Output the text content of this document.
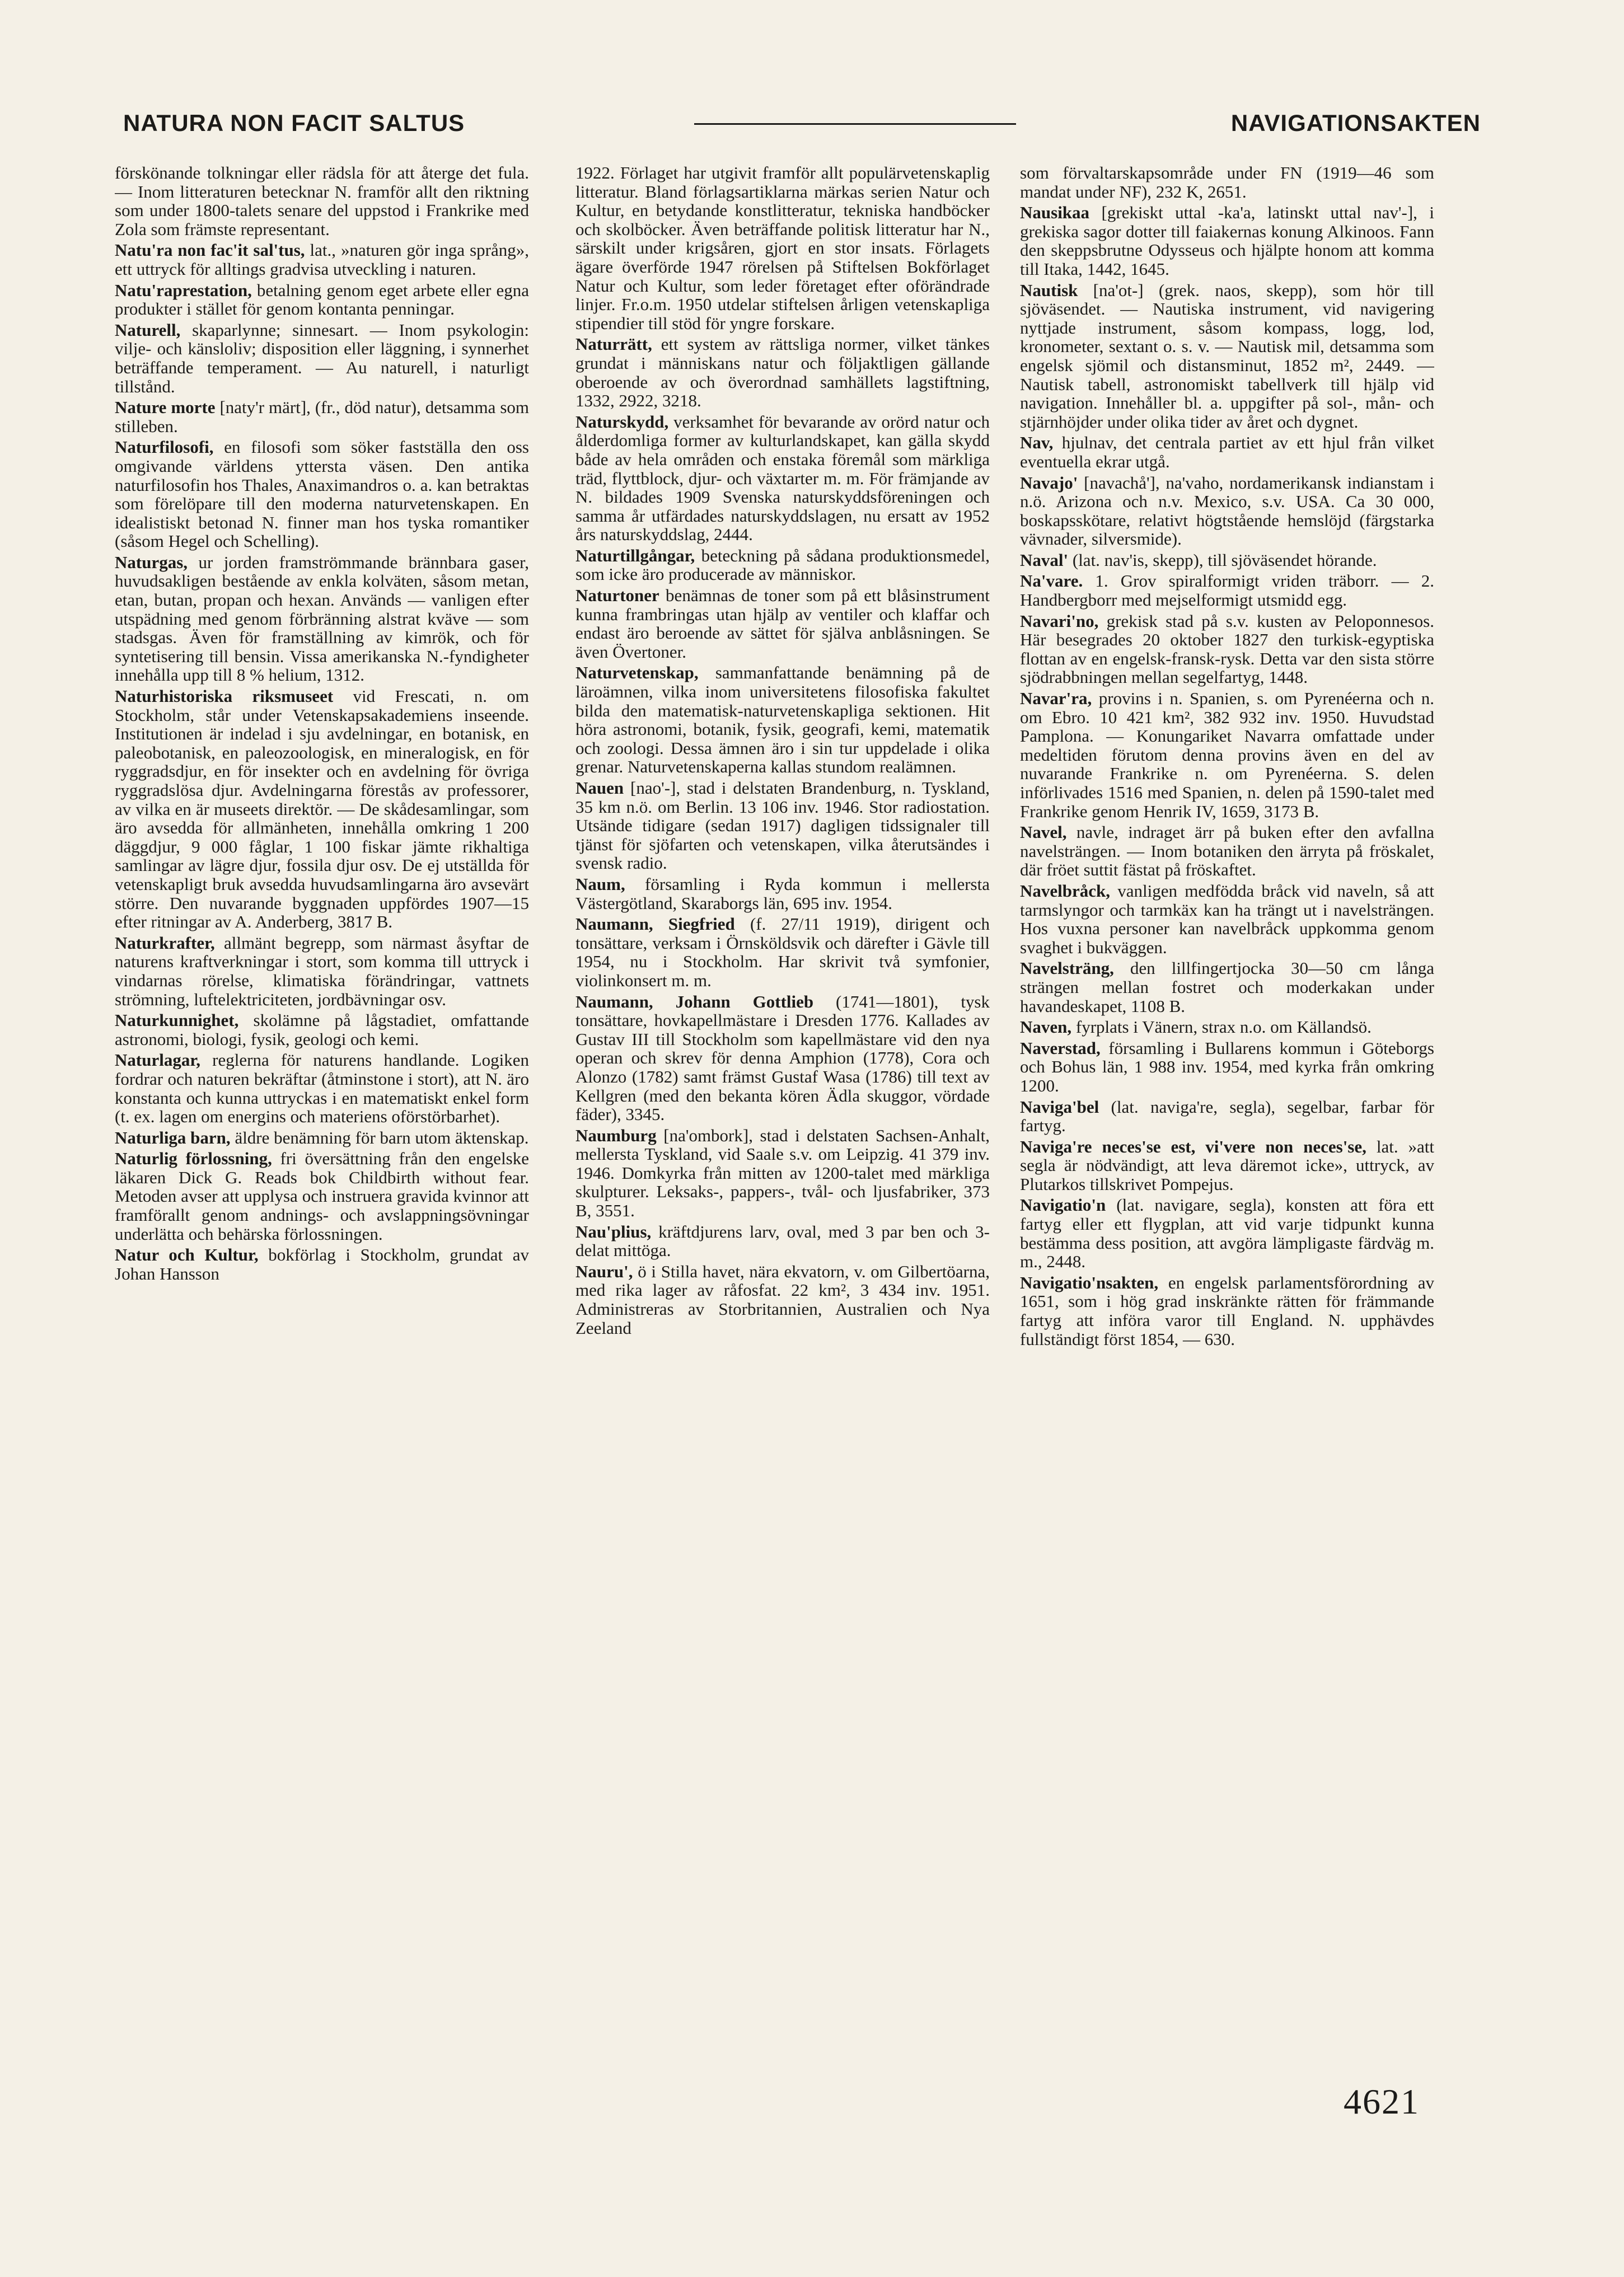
NATURA NON FACIT SALTUS	NAVIGATIONSAKTEN

förskönande tolkningar eller rädsla för att återge det fula. — Inom litteraturen betecknar N. framför allt den riktning som under 1800-talets senare del uppstod i Frankrike med Zola som främste representant.

Natu'ra non fac'it sal'tus, lat., »naturen gör inga språng», ett uttryck för alltings gradvisa utveckling i naturen.

Natu'raprestation, betalning genom eget arbete eller egna produkter i stället för genom kontanta penningar.

Naturell, skaparlynne; sinnesart. — Inom psykologin: vilje- och känsloliv; disposition eller läggning, i synnerhet beträffande temperament. — Au naturell, i naturligt tillstånd.

Nature morte [naty'r märt], (fr., död natur), detsamma som stilleben.

Naturfilosofi, en filosofi som söker fastställa den oss omgivande världens yttersta väsen. Den antika naturfilosofin hos Thales, Anaximandros o. a. kan betraktas som förelöpare till den moderna naturvetenskapen. En idealistiskt betonad N. finner man hos tyska romantiker (såsom Hegel och Schelling).

Naturgas, ur jorden framströmmande brännbara gaser, huvudsakligen bestående av enkla kolväten, såsom metan, etan, butan, propan och hexan. Används — vanligen efter utspädning med genom förbränning alstrat kväve — som stadsgas. Även för framställning av kimrök, och för syntetisering till bensin. Vissa amerikanska N.-fyndigheter innehålla upp till 8 % helium, 1312.

Naturhistoriska riksmuseet vid Frescati, n. om Stockholm, står under Vetenskapsakademiens inseende. Institutionen är indelad i sju avdelningar, en botanisk, en paleobotanisk, en paleozoologisk, en mineralogisk, en för ryggradsdjur, en för insekter och en avdelning för övriga ryggradslösa djur. Avdelningarna förestås av professorer, av vilka en är museets direktör. — De skådesamlingar, som äro avsedda för allmänheten, innehålla omkring 1 200 däggdjur, 9 000 fåglar, 1 100 fiskar jämte rikhaltiga samlingar av lägre djur, fossila djur osv. De ej utställda för vetenskapligt bruk avsedda huvudsamlingarna äro avsevärt större. Den nuvarande byggnaden uppfördes 1907—15 efter ritningar av A. Anderberg, 3817 B.

Naturkrafter, allmänt begrepp, som närmast åsyftar de naturens kraftverkningar i stort, som komma till uttryck i vindarnas rörelse, klimatiska förändringar, vattnets strömning, luftelektriciteten, jordbävningar osv.

Naturkunnighet, skolämne på lågstadiet, omfattande astronomi, biologi, fysik, geologi och kemi.

Naturlagar, reglerna för naturens handlande. Logiken fordrar och naturen bekräftar (åtminstone i stort), att N. äro konstanta och kunna uttryckas i en matematiskt enkel form (t. ex. lagen om energins och materiens oförstörbarhet).

Naturliga barn, äldre benämning för barn utom äktenskap.

Naturlig förlossning, fri översättning från den engelske läkaren Dick G. Reads bok Childbirth without fear. Metoden avser att upplysa och instruera gravida kvinnor att framförallt genom andnings- och avslappningsövningar underlätta och behärska förlossningen.

Natur och Kultur, bokförlag i Stockholm, grundat av Johan Hansson

1922. Förlaget har utgivit framför allt populärvetenskaplig litteratur. Bland förlagsartiklarna märkas serien Natur och Kultur, en betydande konstlitteratur, tekniska handböcker och skolböcker. Även beträffande politisk litteratur har N., särskilt under krigsåren, gjort en stor insats. Förlagets ägare överförde 1947 rörelsen på Stiftelsen Bokförlaget Natur och Kultur, som leder företaget efter oförändrade linjer. Fr.o.m. 1950 utdelar stiftelsen årligen vetenskapliga stipendier till stöd för yngre forskare.

Naturrätt, ett system av rättsliga normer, vilket tänkes grundat i människans natur och följaktligen gällande oberoende av och överordnad samhällets lagstiftning, 1332, 2922, 3218.

Naturskydd, verksamhet för bevarande av orörd natur och ålderdomliga former av kulturlandskapet, kan gälla skydd både av hela områden och enstaka föremål som märkliga träd, flyttblock, djur- och växtarter m. m. För främjande av N. bildades 1909 Svenska naturskyddsföreningen och samma år utfärdades naturskyddslagen, nu ersatt av 1952 års naturskyddslag, 2444.

Naturtillgångar, beteckning på sådana produktionsmedel, som icke äro producerade av människor.

Naturtoner benämnas de toner som på ett blåsinstrument kunna frambringas utan hjälp av ventiler och klaffar och endast äro beroende av sättet för själva anblåsningen. Se även Övertoner.

Naturvetenskap, sammanfattande benämning på de läroämnen, vilka inom universitetens filosofiska fakultet bilda den matematisk-naturvetenskapliga sektionen. Hit höra astronomi, botanik, fysik, geografi, kemi, matematik och zoologi. Dessa ämnen äro i sin tur uppdelade i olika grenar. Naturvetenskaperna kallas stundom realämnen.

Nauen [nao'-], stad i delstaten Brandenburg, n. Tyskland, 35 km n.ö. om Berlin. 13 106 inv. 1946. Stor radiostation. Utsände tidigare (sedan 1917) dagligen tidssignaler till tjänst för sjöfarten och vetenskapen, vilka återutsändes i svensk radio.

Naum, församling i Ryda kommun i mellersta Västergötland, Skaraborgs län, 695 inv. 1954.

Naumann, Siegfried (f. 27/11 1919), dirigent och tonsättare, verksam i Örnsköldsvik och därefter i Gävle till 1954, nu i Stockholm. Har skrivit två symfonier, violinkonsert m. m.

Naumann, Johann Gottlieb (1741—1801), tysk tonsättare, hovkapellmästare i Dresden 1776. Kallades av Gustav III till Stockholm som kapellmästare vid den nya operan och skrev för denna Amphion (1778), Cora och Alonzo (1782) samt främst Gustaf Wasa (1786) till text av Kellgren (med den bekanta kören Ädla skuggor, vördade fäder), 3345.

Naumburg [na'ombork], stad i delstaten Sachsen-Anhalt, mellersta Tyskland, vid Saale s.v. om Leipzig. 41 379 inv. 1946. Domkyrka från mitten av 1200-talet med märkliga skulpturer. Leksaks-, pappers-, tvål- och ljusfabriker, 373 B, 3551.

Nau'plius, kräftdjurens larv, oval, med 3 par ben och 3-delat mittöga.

Nauru', ö i Stilla havet, nära ekvatorn, v. om Gilbertöarna, med rika lager av råfosfat. 22 km², 3 434 inv. 1951. Administreras av Storbritannien, Australien och Nya Zeeland

som förvaltarskapsområde under FN (1919—46 som mandat under NF), 232 K, 2651.

Nausikaa [grekiskt uttal -ka'a, latinskt uttal nav'-], i grekiska sagor dotter till faiakernas konung Alkinoos. Fann den skeppsbrutne Odysseus och hjälpte honom att komma till Itaka, 1442, 1645.

Nautisk [na'ot-] (grek. naos, skepp), som hör till sjöväsendet. — Nautiska instrument, vid navigering nyttjade instrument, såsom kompass, logg, lod, kronometer, sextant o. s. v. — Nautisk mil, detsamma som engelsk sjömil och distansminut, 1852 m², 2449. — Nautisk tabell, astronomiskt tabellverk till hjälp vid navigation. Innehåller bl. a. uppgifter på sol-, mån- och stjärnhöjder under olika tider av året och dygnet.

Nav, hjulnav, det centrala partiet av ett hjul från vilket eventuella ekrar utgå.

Navajo' [navachå'], na'vaho, nordamerikansk indianstam i n.ö. Arizona och n.v. Mexico, s.v. USA. Ca 30 000, boskapsskötare, relativt högtstående hemslöjd (färgstarka vävnader, silversmide).

Naval' (lat. nav'is, skepp), till sjöväsendet hörande.

Na'vare. 1. Grov spiralformigt vriden träborr. — 2. Handbergborr med mejselformigt utsmidd egg.

Navari'no, grekisk stad på s.v. kusten av Peloponnesos. Här besegrades 20 oktober 1827 den turkisk-egyptiska flottan av en engelsk-fransk-rysk. Detta var den sista större sjödrabbningen mellan segelfartyg, 1448.

Navar'ra, provins i n. Spanien, s. om Pyrenéerna och n. om Ebro. 10 421 km², 382 932 inv. 1950. Huvudstad Pamplona. — Konungariket Navarra omfattade under medeltiden förutom denna provins även en del av nuvarande Frankrike n. om Pyrenéerna. S. delen införlivades 1516 med Spanien, n. delen på 1590-talet med Frankrike genom Henrik IV, 1659, 3173 B.

Navel, navle, indraget ärr på buken efter den avfallna navelsträngen. — Inom botaniken den ärryta på fröskalet, där fröet suttit fästat på fröskaftet.

Navelbråck, vanligen medfödda bråck vid naveln, så att tarmslyngor och tarmkäx kan ha trängt ut i navelsträngen. Hos vuxna personer kan navelbråck uppkomma genom svaghet i bukväggen.

Navelsträng, den lillfingertjocka 30—50 cm långa strängen mellan fostret och moderkakan under havandeskapet, 1108 B.

Naven, fyrplats i Vänern, strax n.o. om Källandsö.

Naverstad, församling i Bullarens kommun i Göteborgs och Bohus län, 1 988 inv. 1954, med kyrka från omkring 1200.

Naviga'bel (lat. naviga're, segla), segelbar, farbar för fartyg.

Naviga're neces'se est, vi'vere non neces'se, lat. »att segla är nödvändigt, att leva däremot icke», uttryck, av Plutarkos tillskrivet Pompejus.

Navigatio'n (lat. navigare, segla), konsten att föra ett fartyg eller ett flygplan, att vid varje tidpunkt kunna bestämma dess position, att avgöra lämpligaste färdväg m. m., 2448.

Navigatio'nsakten, en engelsk parlamentsförordning av 1651, som i hög grad inskränkte rätten för främmande fartyg att införa varor till England. N. upphävdes fullständigt först 1854, — 630.

4621
